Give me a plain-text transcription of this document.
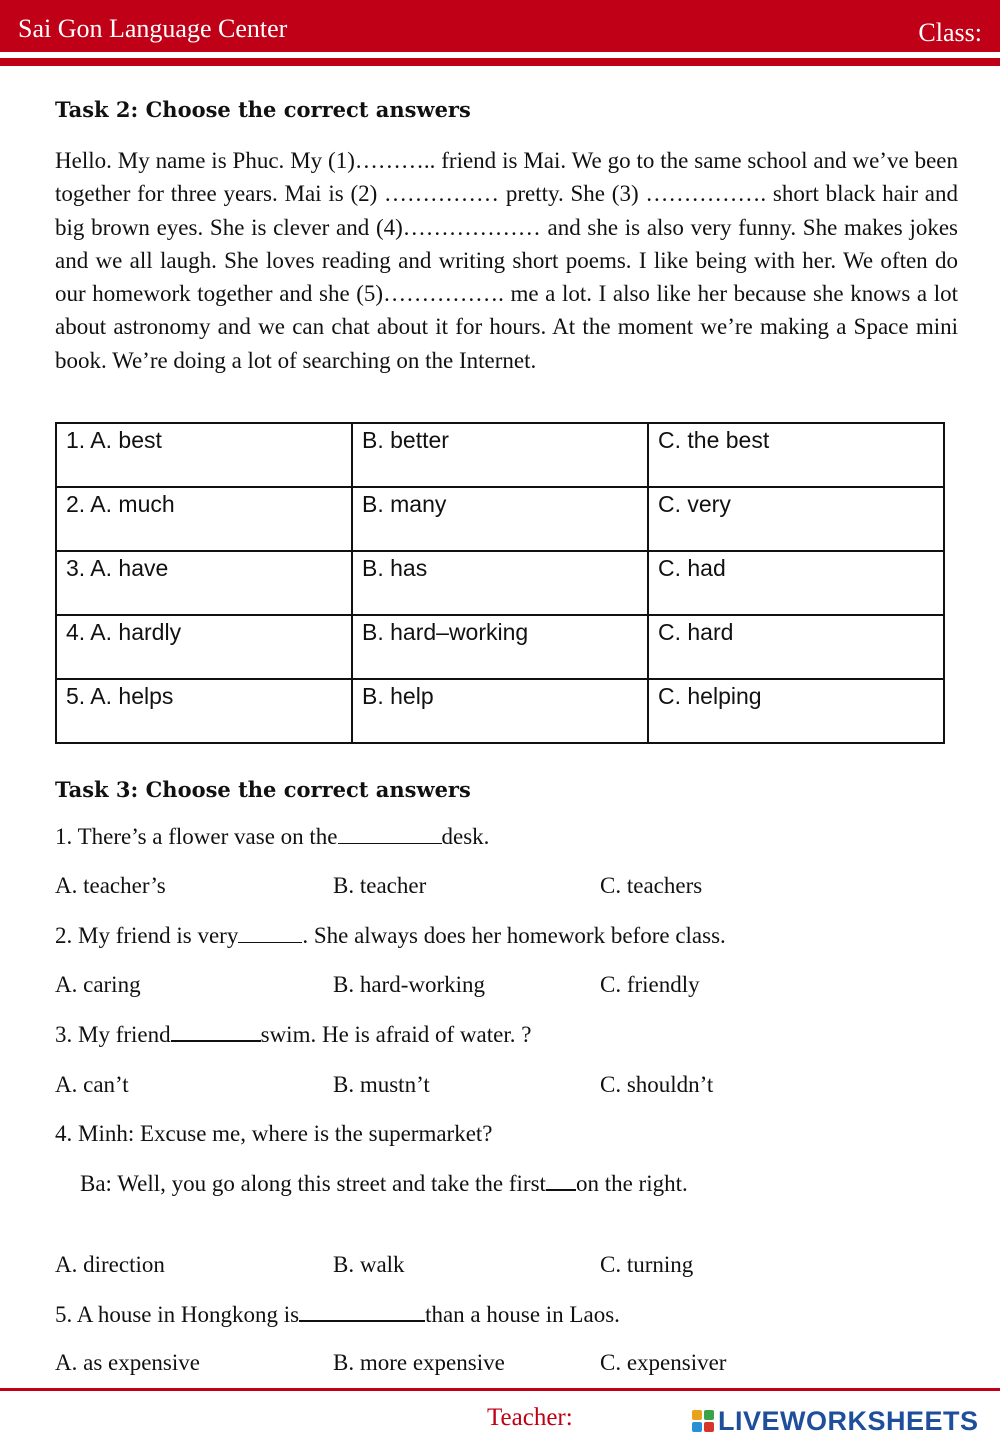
Sai Gon Language Center	Class:
Task 2: Choose the correct answers

Hello. My name is Phuc. My (1)……….. friend is Mai. We go to the same school and we’ve been together for three years. Mai is (2) …………… pretty. She (3) ……………. short black hair and big brown eyes. She is clever and (4)……………… and she is also very funny. She makes jokes and we all laugh. She loves reading and writing short poems. I like being with her. We often do our homework together and she (5)……………. me a lot. I also like her because she knows a lot about astronomy and we can chat about it for hours. At the moment we’re making a Space mini book. We’re doing a lot of searching on the Internet.

1. A. best	B. better	C. the best
2. A. much	B. many	C. very
3. A. have	B. has	C. had
4. A. hardly	B. hard–working	C. hard
5. A. helps	B. help	C. helping
Task 3: Choose the correct answers
1. There’s a flower vase on the	desk.
A. teacher’s	B. teacher	C. teachers
2. My friend is very	. She always does her homework before class.
A. caring	B. hard-working	C. friendly
3. My friend	swim. He is afraid of water. ?
A. can’t	B. mustn’t	C. shouldn’t
4. Minh: Excuse me, where is the supermarket?
Ba: Well, you go along this street and take the first on the right.
A. direction	B. walk	C. turning
5. A house in Hongkong is	than a house in Laos.
A. as expensive	B. more expensive	C. expensiver
Teacher:	LIVEWORKSHEETS
